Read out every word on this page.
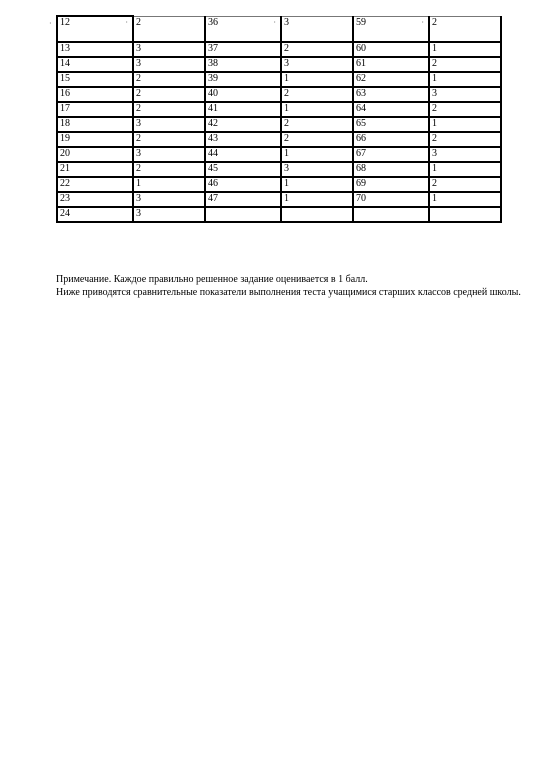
· 12 ·	2	36 ·	3	59 ·	2
13	3	37	2	60	1
14	3	38	3	61	2
15	2	39	1	62	1
16	2	40	2	63	3
17	2	41	1	64	2
18	3	42	2	65	1
19	2	43	2	66	2
20	3	44	1	67	3
21	2	45	3	68	1
22	1	46	1	69	2
23	3	47	1	70	1
24	3				

Примечание. Каждое правильно решенное задание оценивается в 1 балл.

Ниже приводятся сравнительные показатели выполнения теста учащимися старших классов средней школы.
